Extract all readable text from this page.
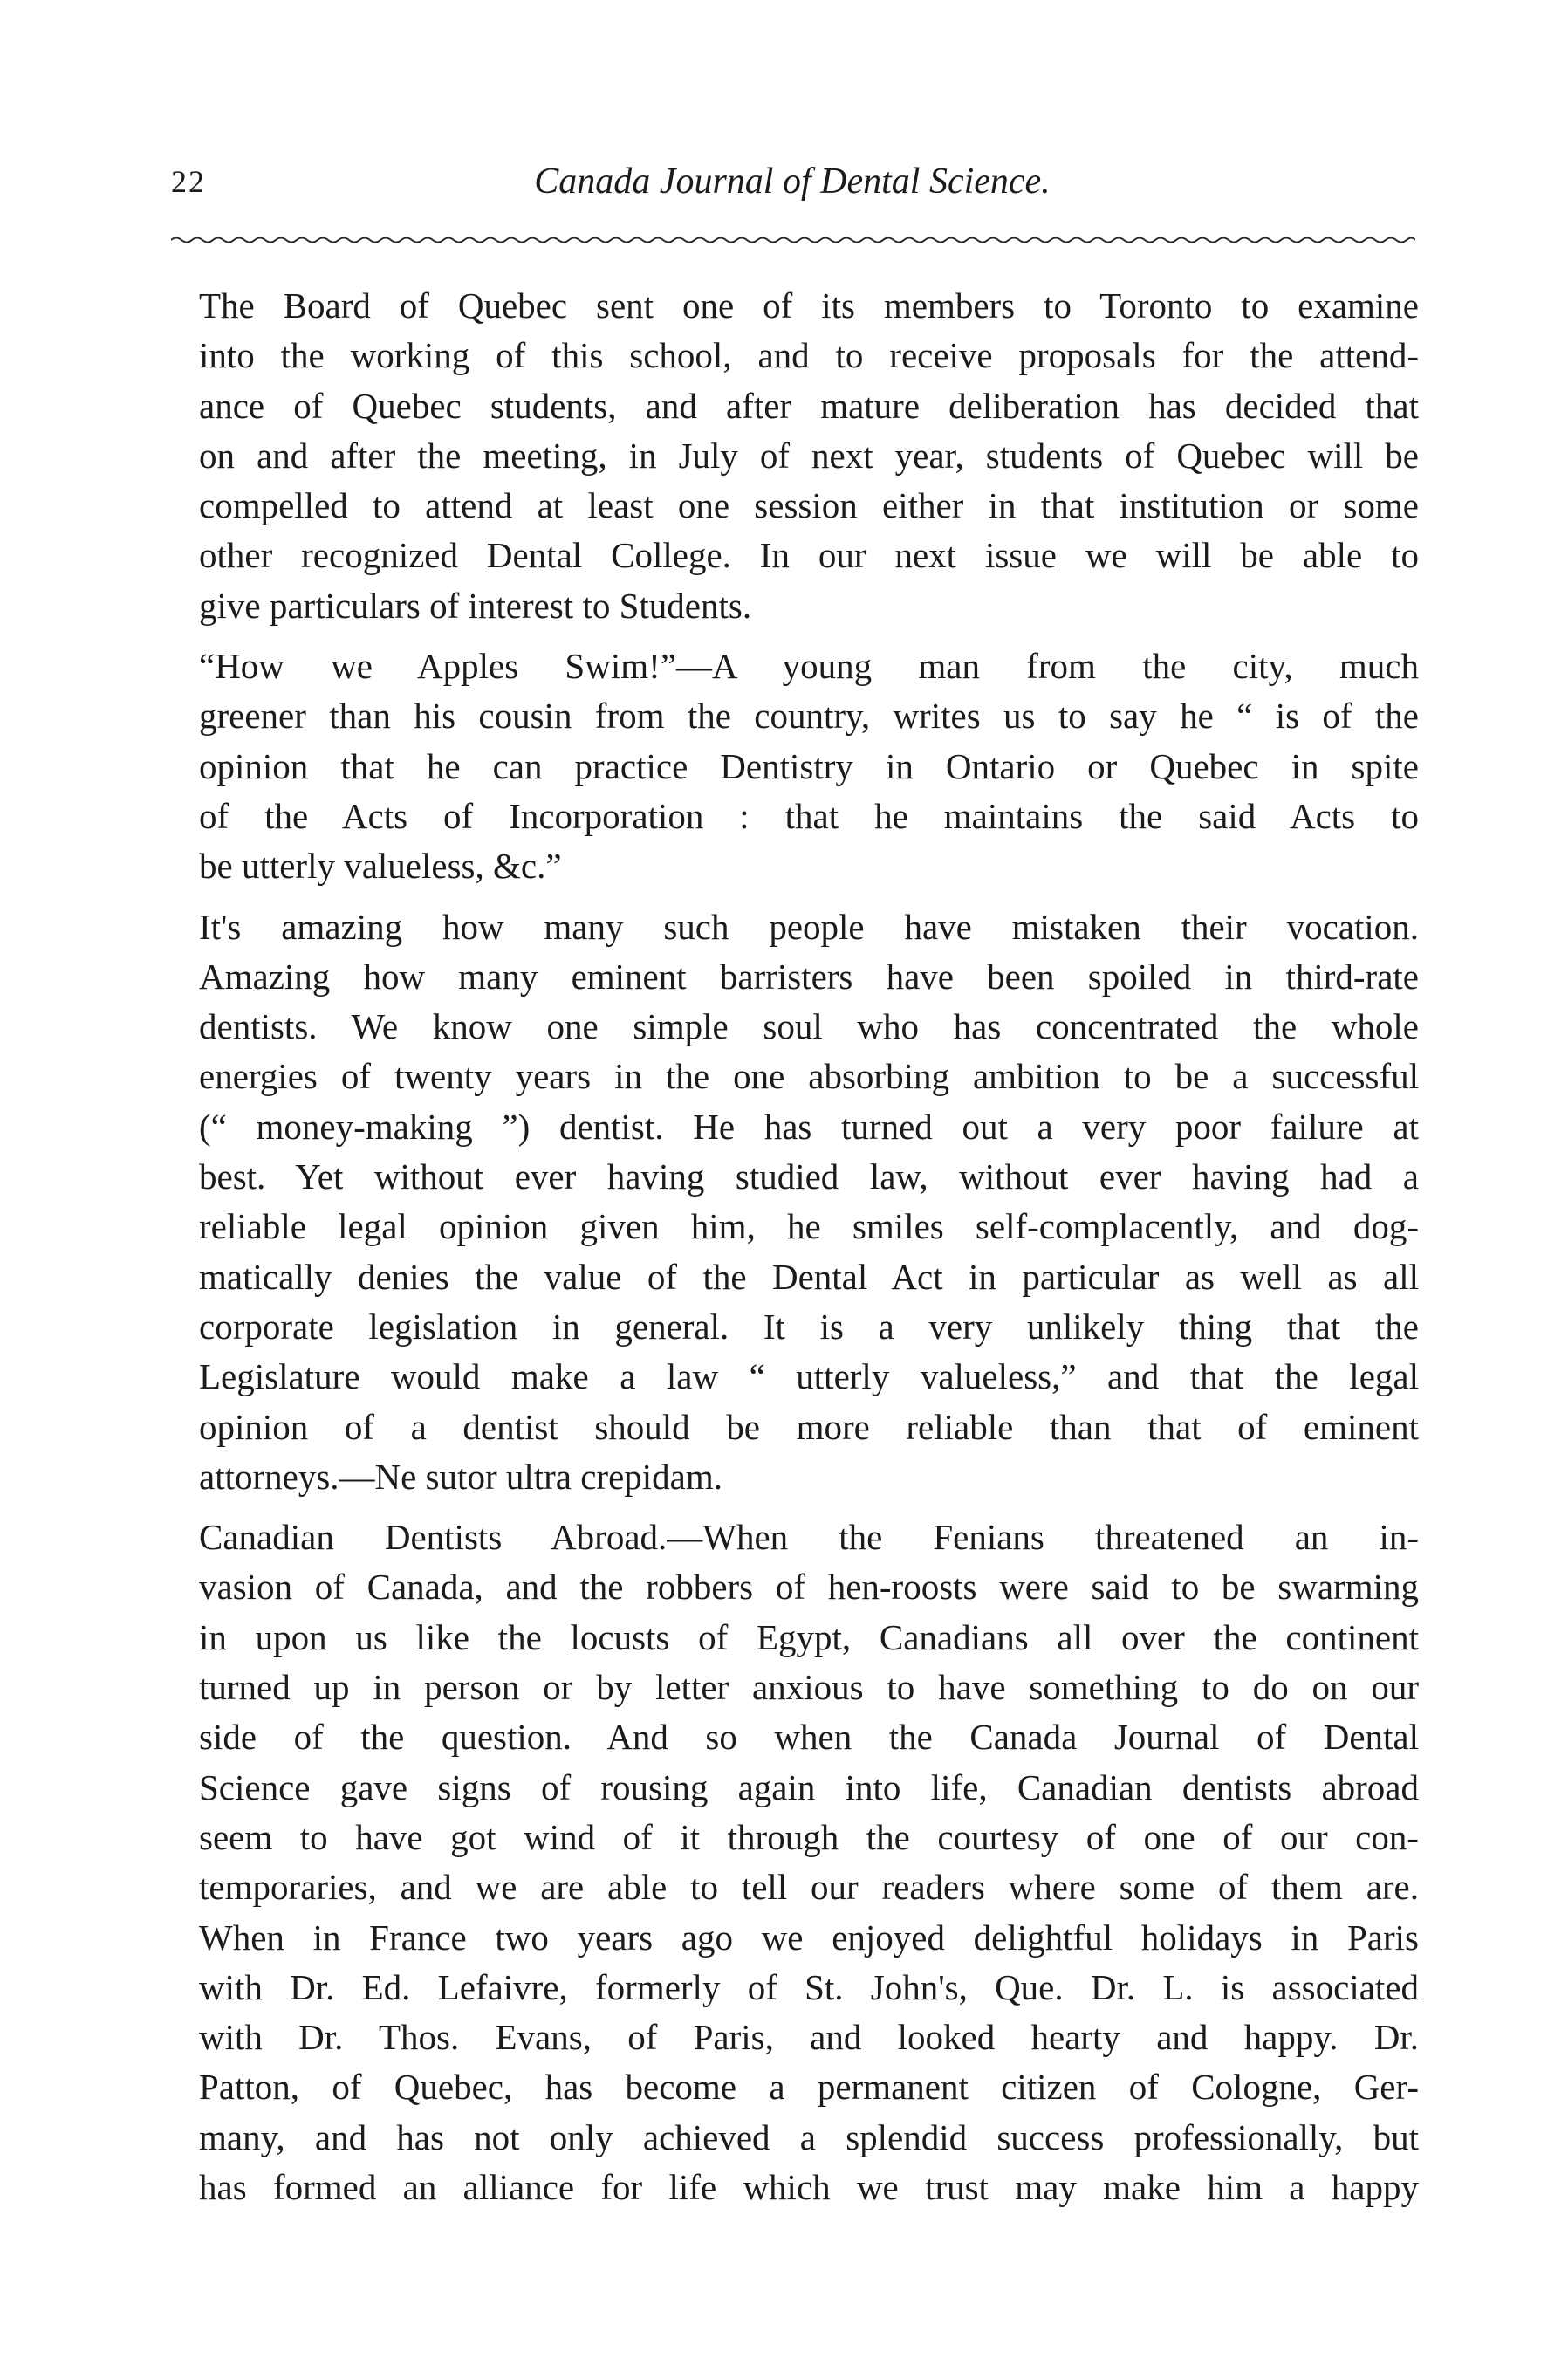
22	Canada Journal of Dental Science.
The Board of Quebec sent one of its members to Toronto to examine
into the working of this school, and to receive proposals for the attend-
ance of Quebec students, and after mature deliberation has decided that
on and after the meeting, in July of next year, students of Quebec will be
compelled to attend at least one session either in that institution or some
other recognized Dental College. In our next issue we will be able to
give particulars of interest to Students.
“How we Apples Swim!”—A young man from the city, much
greener than his cousin from the country, writes us to say he “ is of the
opinion that he can practice Dentistry in Ontario or Quebec in spite
of the Acts of Incorporation : that he maintains the said Acts to
be utterly valueless, &c.”
It's amazing how many such people have mistaken their vocation.
Amazing how many eminent barristers have been spoiled in third-rate
dentists. We know one simple soul who has concentrated the whole
energies of twenty years in the one absorbing ambition to be a successful
(“ money-making ”) dentist. He has turned out a very poor failure at
best. Yet without ever having studied law, without ever having had a
reliable legal opinion given him, he smiles self-complacently, and dog-
matically denies the value of the Dental Act in particular as well as all
corporate legislation in general. It is a very unlikely thing that the
Legislature would make a law “ utterly valueless,” and that the legal
opinion of a dentist should be more reliable than that of eminent
attorneys.—Ne sutor ultra crepidam.
Canadian Dentists Abroad.—When the Fenians threatened an in-
vasion of Canada, and the robbers of hen-roosts were said to be swarming
in upon us like the locusts of Egypt, Canadians all over the continent
turned up in person or by letter anxious to have something to do on our
side of the question. And so when the Canada Journal of Dental
Science gave signs of rousing again into life, Canadian dentists abroad
seem to have got wind of it through the courtesy of one of our con-
temporaries, and we are able to tell our readers where some of them are.
When in France two years ago we enjoyed delightful holidays in Paris
with Dr. Ed. Lefaivre, formerly of St. John's, Que. Dr. L. is associated
with Dr. Thos. Evans, of Paris, and looked hearty and happy. Dr.
Patton, of Quebec, has become a permanent citizen of Cologne, Ger-
many, and has not only achieved a splendid success professionally, but
has formed an alliance for life which we trust may make him a happy
